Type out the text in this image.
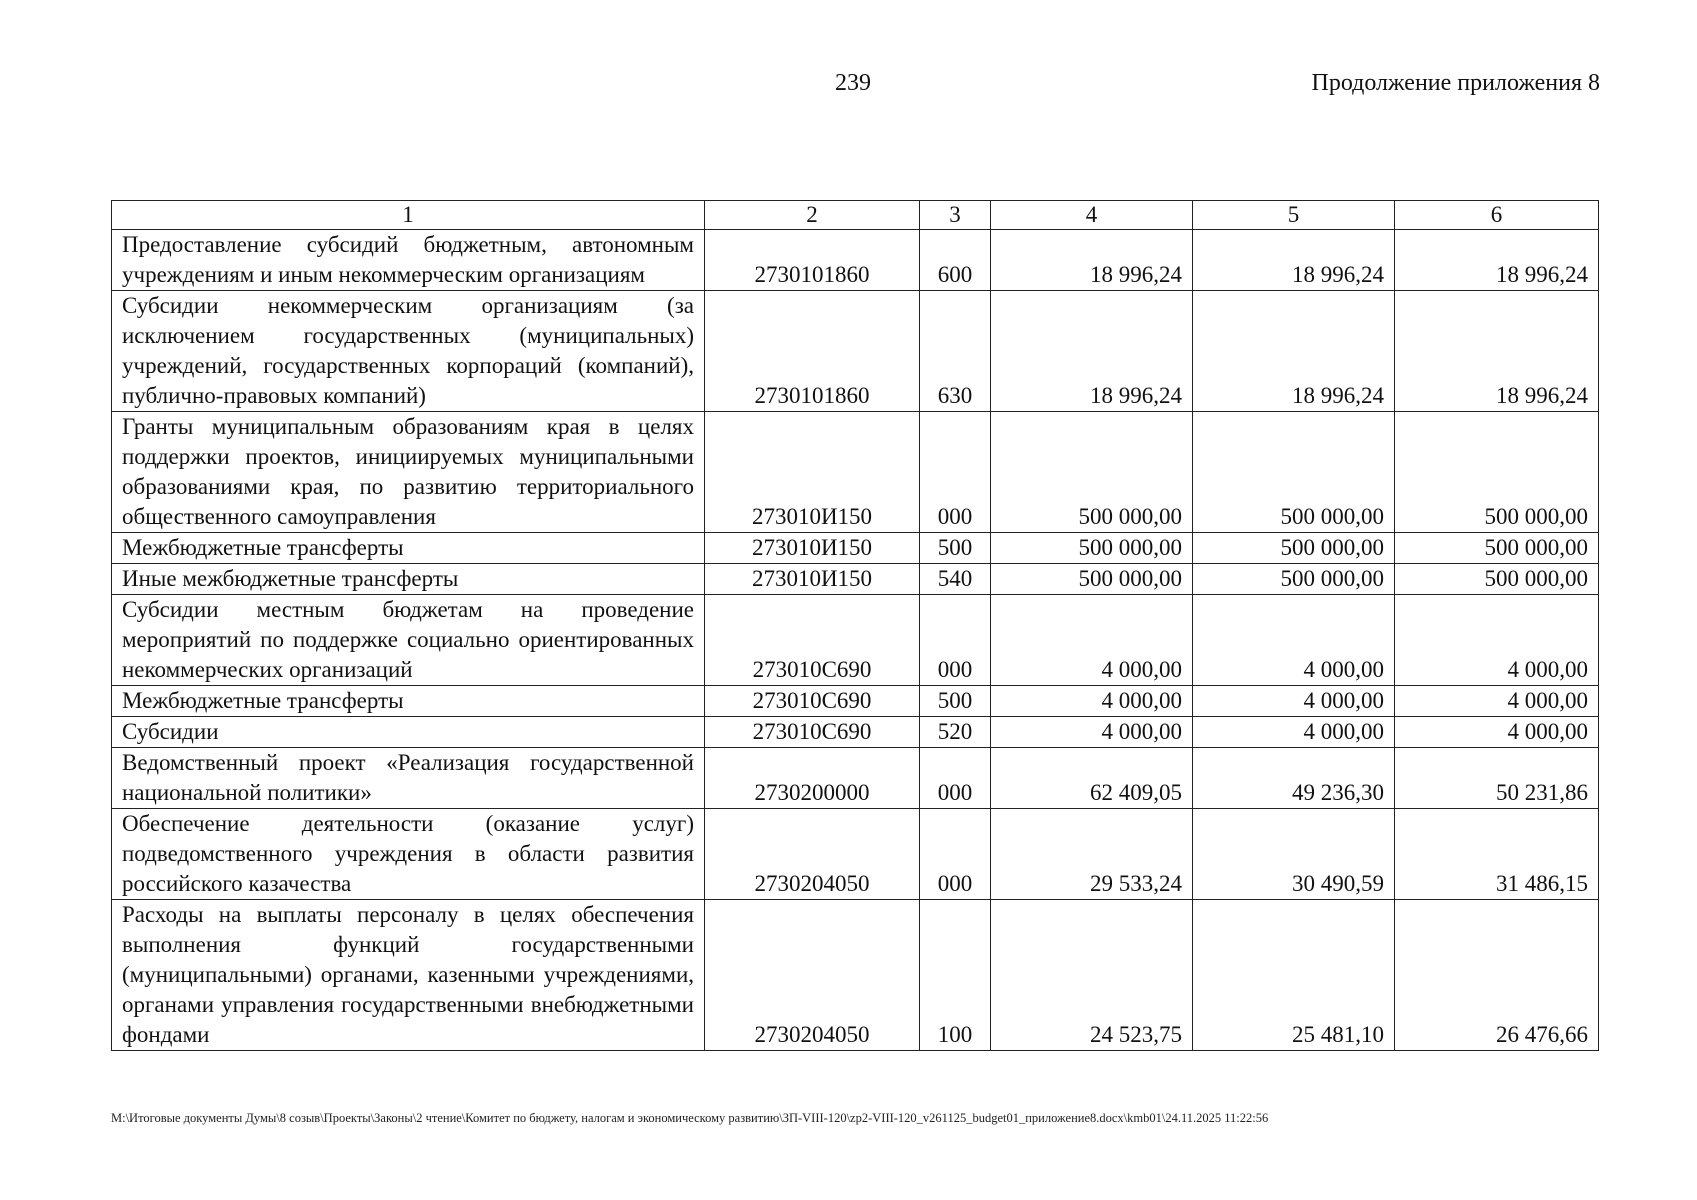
239	Продолжение приложения 8
1	2	3	4	5	6
Предоставление субсидий бюджетным, автономным учреждениям и иным некоммерческим организациям	2730101860	600	18 996,24	18 996,24	18 996,24
Субсидии некоммерческим организациям (за исключением государственных (муниципальных) учреждений, государственных корпораций (компаний), публично-правовых компаний)	2730101860	630	18 996,24	18 996,24	18 996,24
Гранты муниципальным образованиям края в целях поддержки проектов, инициируемых муниципальными образованиями края, по развитию территориального общественного самоуправления	273010И150	000	500 000,00	500 000,00	500 000,00
Межбюджетные трансферты	273010И150	500	500 000,00	500 000,00	500 000,00
Иные межбюджетные трансферты	273010И150	540	500 000,00	500 000,00	500 000,00
Субсидии местным бюджетам на проведение мероприятий по поддержке социально ориентированных некоммерческих организаций	273010С690	000	4 000,00	4 000,00	4 000,00
Межбюджетные трансферты	273010С690	500	4 000,00	4 000,00	4 000,00
Субсидии	273010С690	520	4 000,00	4 000,00	4 000,00
Ведомственный проект «Реализация государственной национальной политики»	2730200000	000	62 409,05	49 236,30	50 231,86
Обеспечение деятельности (оказание услуг) подведомственного учреждения в области развития российского казачества	2730204050	000	29 533,24	30 490,59	31 486,15
Расходы на выплаты персоналу в целях обеспечения выполнения функций государственными (муниципальными) органами, казенными учреждениями, органами управления государственными внебюджетными фондами	2730204050	100	24 523,75	25 481,10	26 476,66
M:\Итоговые документы Думы\8 созыв\Проекты\Законы\2 чтение\Комитет по бюджету, налогам и экономическому развитию\ЗП-VIII-120\zp2-VIII-120_v261125_budget01_приложение8.docx\kmb01\24.11.2025 11:22:56
